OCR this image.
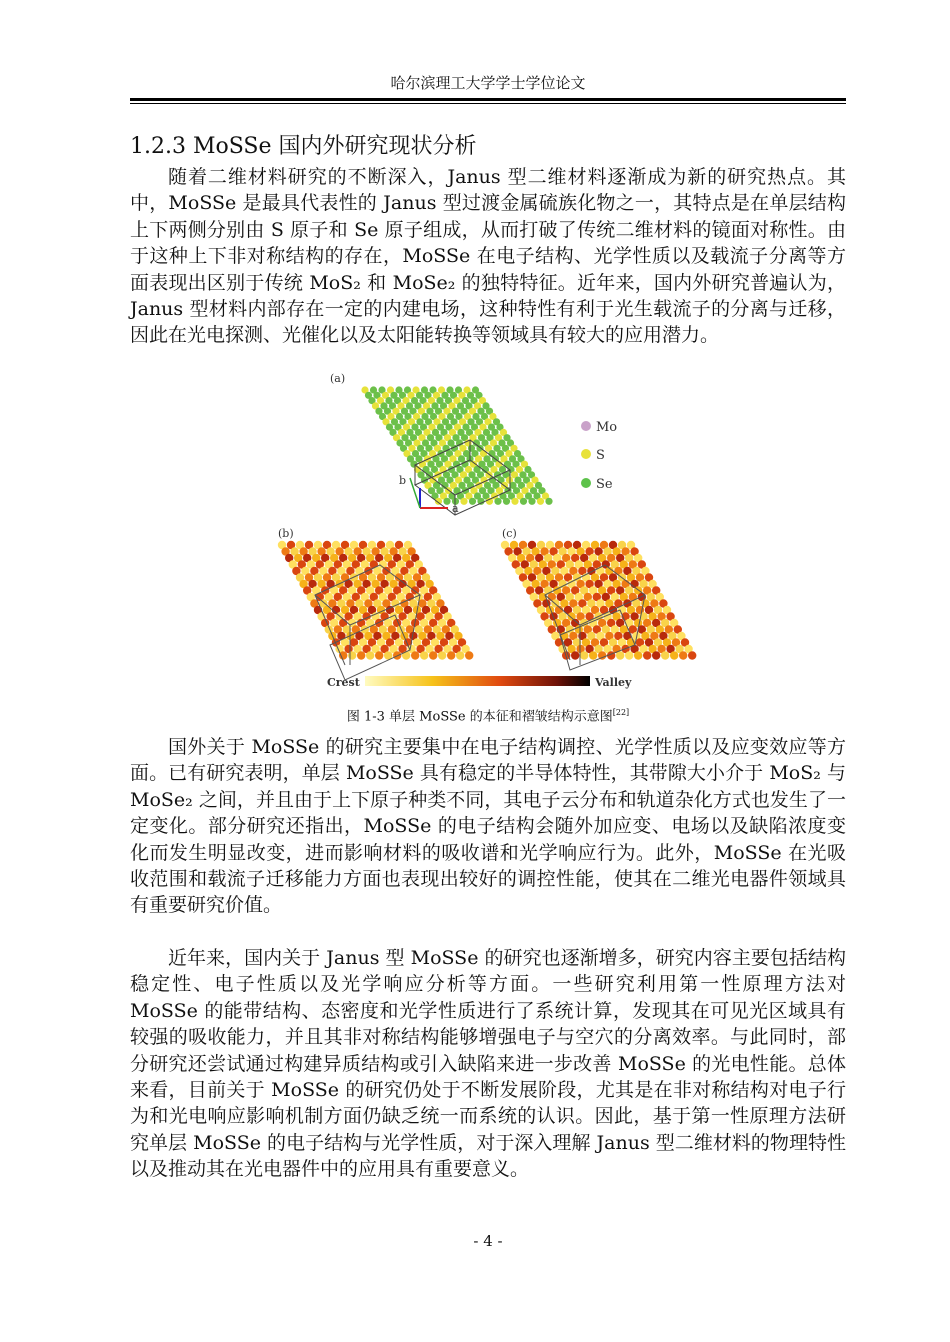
哈尔滨理工大学学士学位论文
1.2.3 MoSSe 国内外研究现状分析

随着二维材料研究的不断深入，Janus 型二维材料逐渐成为新的研究热点。其中，MoSSe 是最具代表性的 Janus 型过渡金属硫族化物之一，其特点是在单层结构上下两侧分别由 S 原子和 Se 原子组成，从而打破了传统二维材料的镜面对称性。由于这种上下非对称结构的存在，MoSSe 在电子结构、光学性质以及载流子分离等方面表现出区别于传统 MoS₂ 和 MoSe₂ 的独特特征。近年来，国内外研究普遍认为，Janus 型材料内部存在一定的内建电场，这种特性有利于光生载流子的分离与迁移，因此在光电探测、光催化以及太阳能转换等领域具有较大的应用潜力。

(a)
a
b
Mo
S
Se
(b)	(c)
Crest	Valley
图 1-3 单层 MoSSe 的本征和褶皱结构示意图[22]

国外关于 MoSSe 的研究主要集中在电子结构调控、光学性质以及应变效应等方面。已有研究表明，单层 MoSSe 具有稳定的半导体特性，其带隙大小介于 MoS₂ 与 MoSe₂ 之间，并且由于上下原子种类不同，其电子云分布和轨道杂化方式也发生了一定变化。部分研究还指出，MoSSe 的电子结构会随外加应变、电场以及缺陷浓度变化而发生明显改变，进而影响材料的吸收谱和光学响应行为。此外，MoSSe 在光吸收范围和载流子迁移能力方面也表现出较好的调控性能，使其在二维光电器件领域具有重要研究价值。

近年来，国内关于 Janus 型 MoSSe 的研究也逐渐增多，研究内容主要包括结构稳定性、电子性质以及光学响应分析等方面。一些研究利用第一性原理方法对 MoSSe 的能带结构、态密度和光学性质进行了系统计算，发现其在可见光区域具有较强的吸收能力，并且其非对称结构能够增强电子与空穴的分离效率。与此同时，部分研究还尝试通过构建异质结构或引入缺陷来进一步改善 MoSSe 的光电性能。总体来看，目前关于 MoSSe 的研究仍处于不断发展阶段，尤其是在非对称结构对电子行为和光电响应影响机制方面仍缺乏统一而系统的认识。因此，基于第一性原理方法研究单层 MoSSe 的电子结构与光学性质，对于深入理解 Janus 型二维材料的物理特性以及推动其在光电器件中的应用具有重要意义。

- 4 -
